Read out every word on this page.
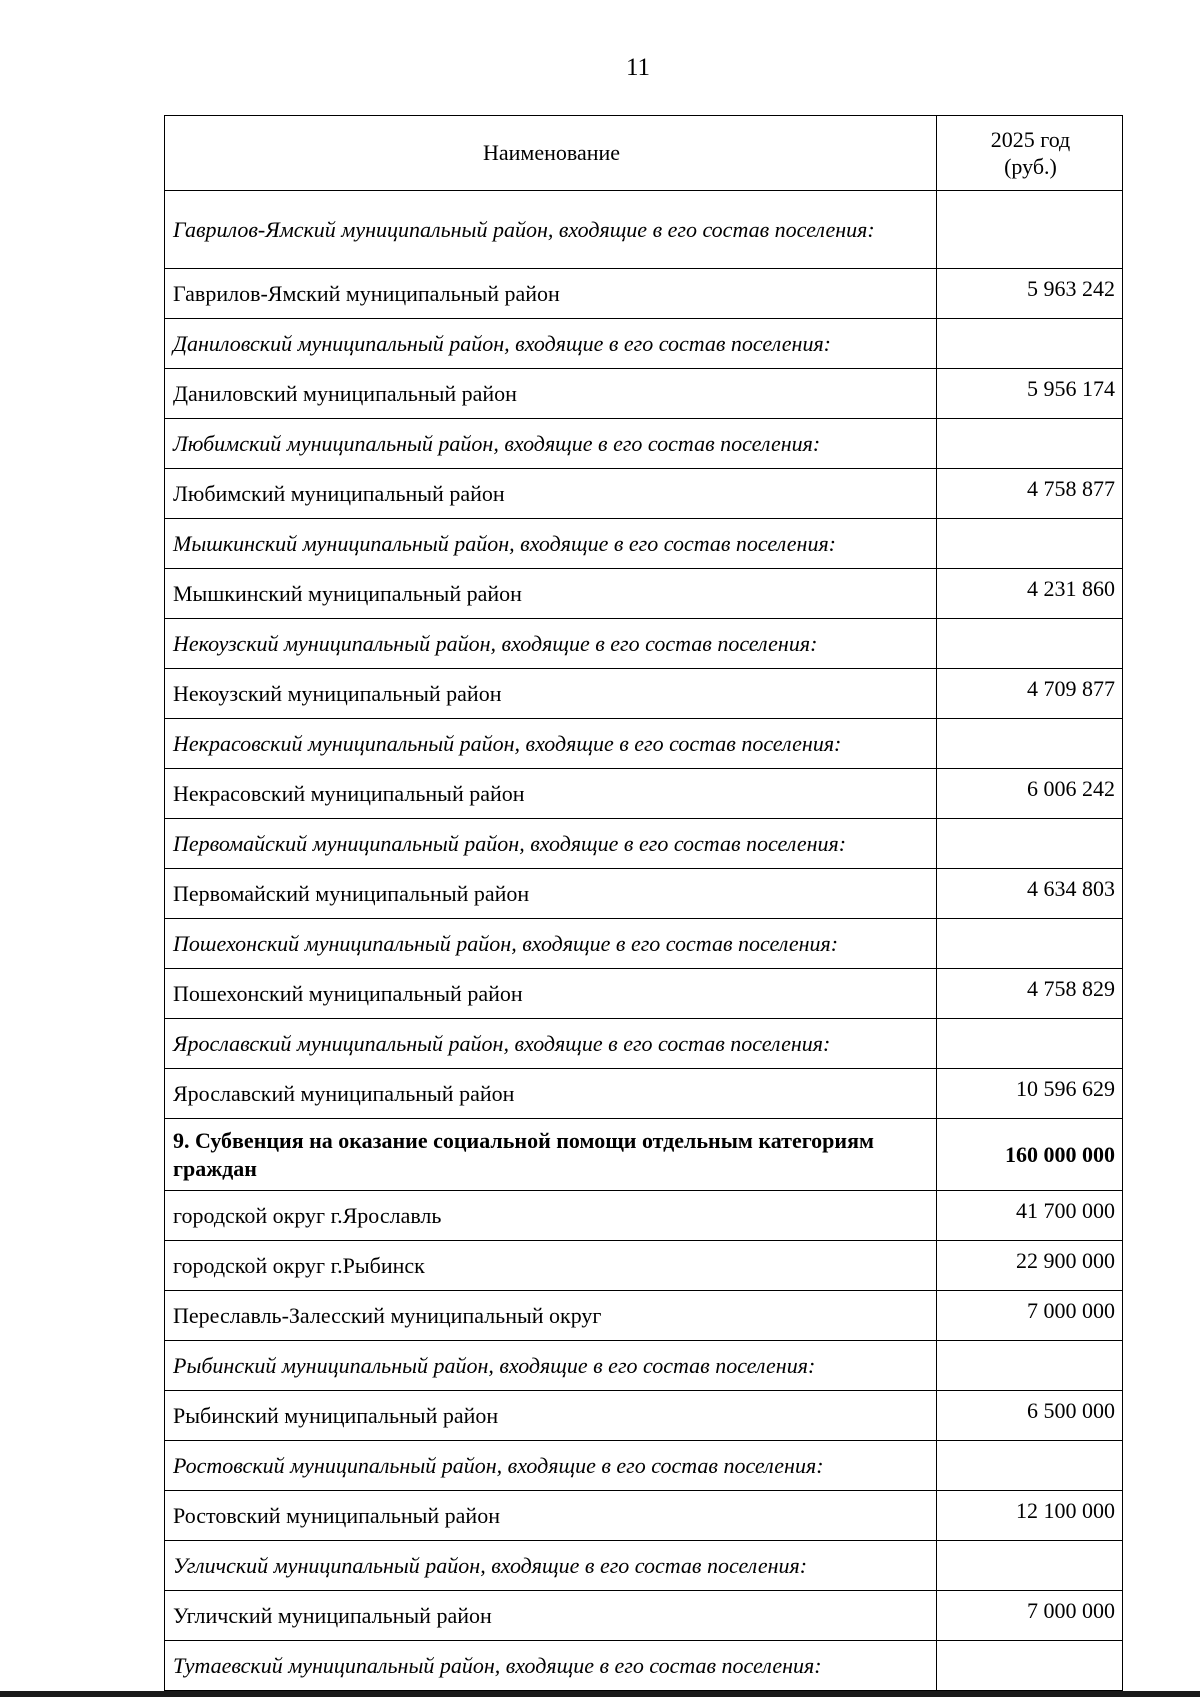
11
Наименование	2025 год
(руб.)
Гаврилов-Ямский муниципальный район, входящие в его состав поселения:	
Гаврилов-Ямский муниципальный район	5 963 242
Даниловский муниципальный район, входящие в его состав поселения:	
Даниловский муниципальный район	5 956 174
Любимский муниципальный район, входящие в его состав поселения:	
Любимский муниципальный район	4 758 877
Мышкинский муниципальный район, входящие в его состав поселения:	
Мышкинский муниципальный район	4 231 860
Некоузский муниципальный район, входящие в его состав поселения:	
Некоузский муниципальный район	4 709 877
Некрасовский муниципальный район, входящие в его состав поселения:	
Некрасовский муниципальный район	6 006 242
Первомайский муниципальный район, входящие в его состав поселения:	
Первомайский муниципальный район	4 634 803
Пошехонский муниципальный район, входящие в его состав поселения:	
Пошехонский муниципальный район	4 758 829
Ярославский муниципальный район, входящие в его состав поселения:	
Ярославский муниципальный район	10 596 629
9. Субвенция на оказание социальной помощи отдельным категориям граждан	160 000 000
городской округ г.Ярославль	41 700 000
городской округ г.Рыбинск	22 900 000
Переславль-Залесский муниципальный округ	7 000 000
Рыбинский муниципальный район, входящие в его состав поселения:	
Рыбинский муниципальный район	6 500 000
Ростовский муниципальный район, входящие в его состав поселения:	
Ростовский муниципальный район	12 100 000
Угличский муниципальный район, входящие в его состав поселения:	
Угличский муниципальный район	7 000 000
Тутаевский муниципальный район, входящие в его состав поселения:	
